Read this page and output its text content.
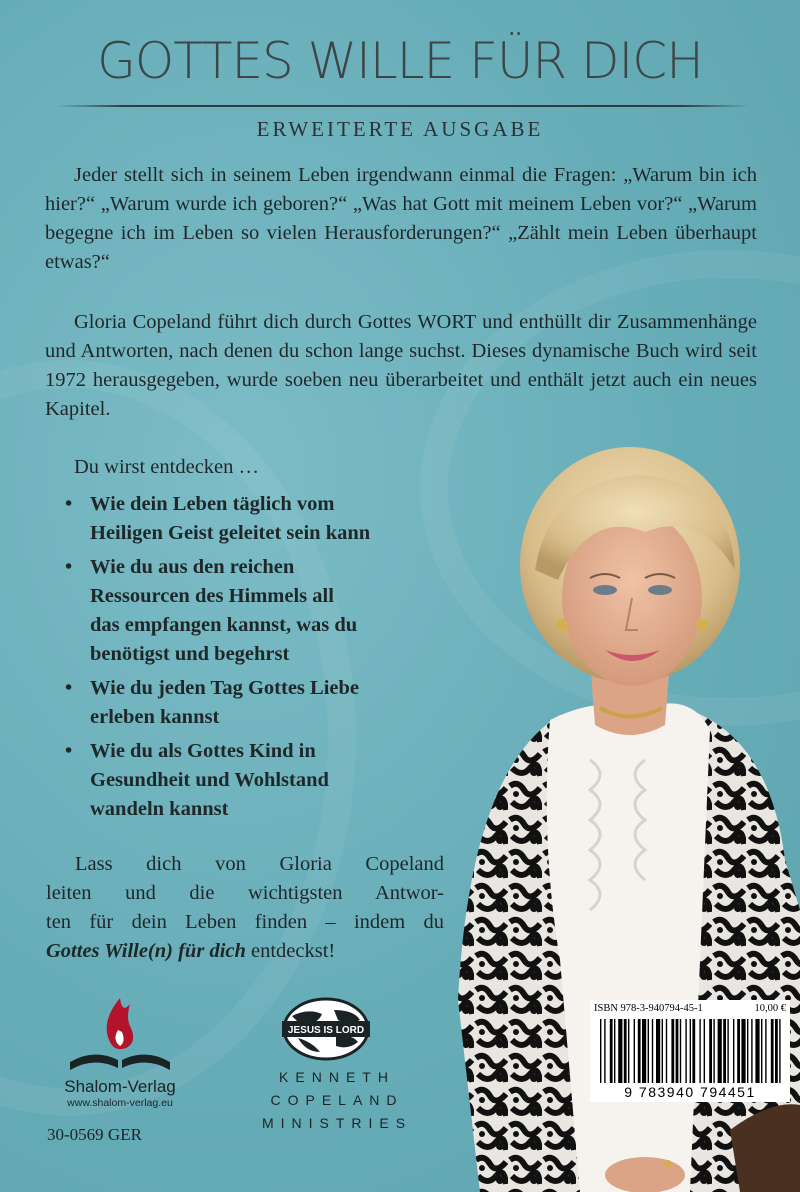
GOTTES WILLE FÜR DICH
ERWEITERTE AUSGABE

Jeder stellt sich in seinem Leben irgendwann einmal die Fragen: „Warum bin ich hier?“ „Warum wurde ich geboren?“ „Was hat Gott mit meinem Leben vor?“ „Warum begegne ich im Leben so vielen Herausforderungen?“ „Zählt mein Leben überhaupt etwas?“

Gloria Copeland führt dich durch Gottes WORT und enthüllt dir Zusammenhänge und Antworten, nach denen du schon lange suchst. Dieses dynamische Buch wird seit 1972 herausgegeben, wurde soeben neu überarbeitet und enthält jetzt auch ein neues Kapitel.

Du wirst entdecken …
• Wie dein Leben täglich vom
Heiligen Geist geleitet sein kann
• Wie du aus den reichen
Ressourcen des Himmels all
das empfangen kannst, was du
benötigst und begehrst
• Wie du jeden Tag Gottes Liebe
erleben kannst
• Wie du als Gottes Kind in
Gesundheit und Wohlstand
wandeln kannst
Lass dich von Gloria Copeland
leiten und die wichtigsten Antwor-
ten für dein Leben finden – indem du
Gottes Wille(n) für dich entdeckst!
Shalom-Verlag
www.shalom-verlag.eu
30-0569 GER
JESUS IS LORD
KENNETH
COPELAND
MINISTRIES
ISBN 978-3-940794-45-1	10,00 €
9 783940 794451
